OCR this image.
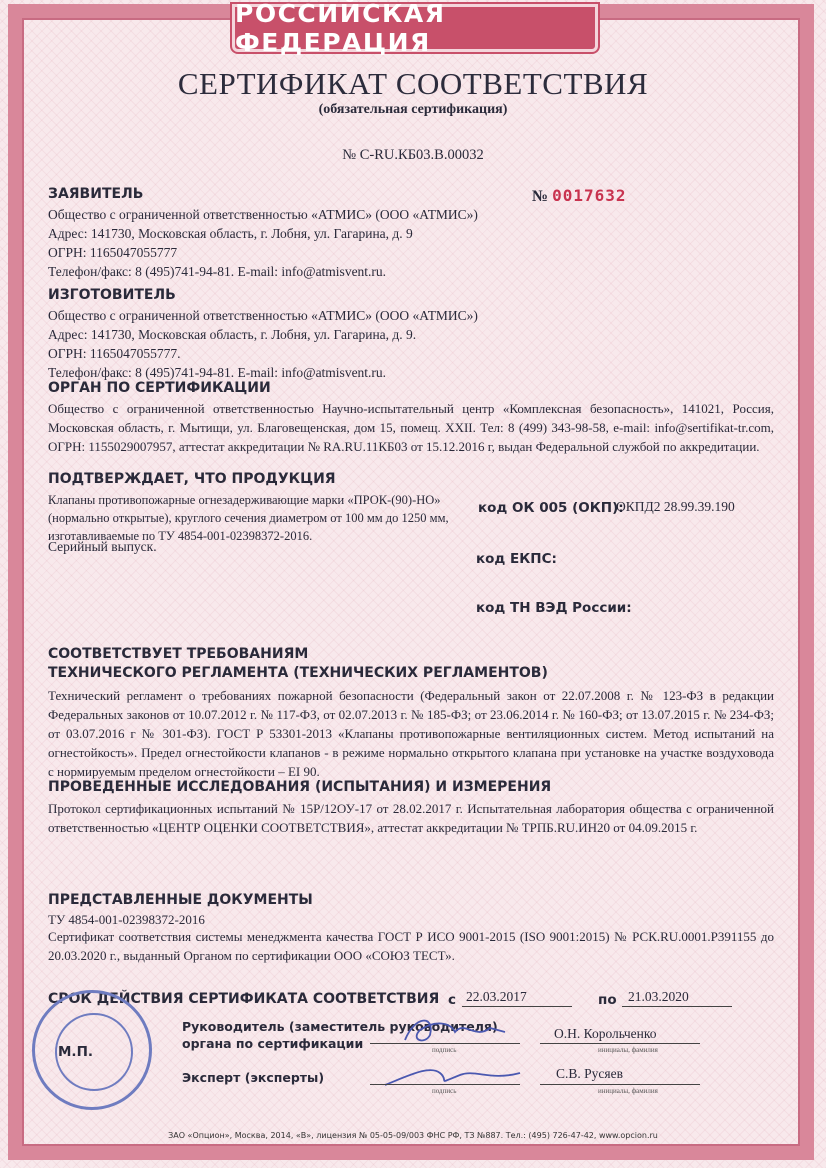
РОССИЙСКАЯ ФЕДЕРАЦИЯ
СЕРТИФИКАТ СООТВЕТСТВИЯ
(обязательная сертификация)
№ С-RU.КБ03.В.00032
ЗАЯВИТЕЛЬ	№ 0017632
Общество с ограниченной ответственностью «АТМИС» (ООО «АТМИС»)
Адрес: 141730, Московская область, г. Лобня, ул. Гагарина, д. 9
ОГРН: 1165047055777
Телефон/факс: 8 (495)741-94-81. E-mail: info@atmisvent.ru.
ИЗГОТОВИТЕЛЬ
Общество с ограниченной ответственностью «АТМИС» (ООО «АТМИС»)
Адрес: 141730, Московская область, г. Лобня, ул. Гагарина, д. 9.
ОГРН: 1165047055777.
Телефон/факс: 8 (495)741-94-81. E-mail: info@atmisvent.ru.
ОРГАН ПО СЕРТИФИКАЦИИ
Общество с ограниченной ответственностью Научно-испытательный центр «Комплексная безопасность», 141021, Россия, Московская область, г. Мытищи, ул. Благовещенская, дом 15, помещ. XXII. Тел: 8 (499) 343-98-58, e-mail: info@sertifikat-tr.com, ОГРН: 1155029007957, аттестат аккредитации № RA.RU.11КБ03 от 15.12.2016 г, выдан Федеральной службой по аккредитации.
ПОДТВЕРЖДАЕТ, ЧТО ПРОДУКЦИЯ
Клапаны противопожарные огнезадерживающие марки «ПРОК-(90)-НО» (нормально открытые), круглого сечения диаметром от 100 мм до 1250 мм, изготавливаемые по ТУ 4854-001-02398372-2016.
Серийный выпуск.
код ОК 005 (ОКП):
ОКПД2 28.99.39.190
код ЕКПС:
код ТН ВЭД России:
СООТВЕТСТВУЕТ ТРЕБОВАНИЯМ
ТЕХНИЧЕСКОГО РЕГЛАМЕНТА (ТЕХНИЧЕСКИХ РЕГЛАМЕНТОВ)
Технический регламент о требованиях пожарной безопасности (Федеральный закон от 22.07.2008 г. № 123-ФЗ в редакции Федеральных законов от 10.07.2012 г. № 117-ФЗ, от 02.07.2013 г. № 185-ФЗ; от 23.06.2014 г. № 160-ФЗ; от 13.07.2015 г. № 234-ФЗ; от 03.07.2016 г № 301-ФЗ). ГОСТ Р 53301-2013 «Клапаны противопожарные вентиляционных систем. Метод испытаний на огнестойкость». Предел огнестойкости клапанов - в режиме нормально открытого клапана при установке на участке воздуховода с нормируемым пределом огнестойкости – EI 90.
ПРОВЕДЕННЫЕ ИССЛЕДОВАНИЯ (ИСПЫТАНИЯ) И ИЗМЕРЕНИЯ
Протокол сертификационных испытаний № 15Р/12ОУ-17 от 28.02.2017 г. Испытательная лаборатория общества с ограниченной ответственностью «ЦЕНТР ОЦЕНКИ СООТВЕТСТВИЯ», аттестат аккредитации № ТРПБ.RU.ИН20 от 04.09.2015 г.
ПРЕДСТАВЛЕННЫЕ ДОКУМЕНТЫ
ТУ 4854-001-02398372-2016
Сертификат соответствия системы менеджмента качества ГОСТ Р ИСО 9001-2015 (ISO 9001:2015) № РСК.RU.0001.Р391155 до 20.03.2020 г., выданный Органом по сертификации ООО «СОЮЗ ТЕСТ».
СРОК ДЕЙСТВИЯ СЕРТИФИКАТА СООТВЕТСТВИЯ с 22.03.2017	по 21.03.2020
М.П.
Руководитель (заместитель руководителя)
органа по сертификации	подпись
О.Н. Корольченко
инициалы, фамилия
Эксперт (эксперты)
подпись
С.В. Русяев
инициалы, фамилия
ЗАО «Опцион», Москва, 2014, «В», лицензия № 05-05-09/003 ФНС РФ, ТЗ №887. Тел.: (495) 726-47-42, www.opcion.ru
